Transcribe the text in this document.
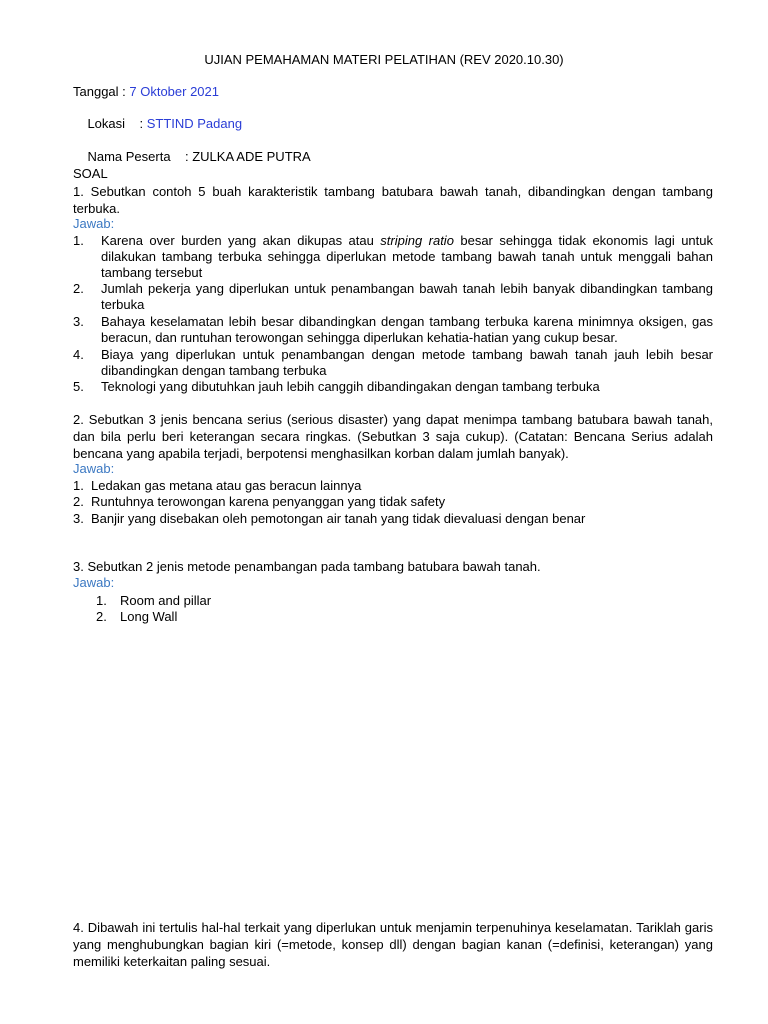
UJIAN PEMAHAMAN MATERI PELATIHAN (REV 2020.10.30)
Tanggal : 7 Oktober 2021

Lokasi    : STTIND Padang

Nama Peserta    : ZULKA ADE PUTRA

SOAL
1. Sebutkan contoh 5 buah karakteristik tambang batubara bawah tanah, dibandingkan dengan tambang terbuka.
Jawab:
1. Karena over burden yang akan dikupas atau striping ratio besar sehingga tidak ekonomis lagi untuk dilakukan tambang terbuka sehingga diperlukan metode tambang bawah tanah untuk menggali bahan tambang tersebut
2. Jumlah pekerja yang diperlukan untuk penambangan bawah tanah lebih banyak dibandingkan tambang terbuka
3. Bahaya keselamatan lebih besar dibandingkan dengan tambang terbuka karena minimnya oksigen, gas beracun, dan runtuhan terowongan sehingga diperlukan kehatia-hatian yang cukup besar.
4. Biaya yang diperlukan untuk penambangan dengan metode tambang bawah tanah jauh lebih besar dibandingkan dengan tambang terbuka
5. Teknologi yang dibutuhkan jauh lebih canggih dibandingakan dengan tambang terbuka
2. Sebutkan 3 jenis bencana serius (serious disaster) yang dapat menimpa tambang batubara bawah tanah, dan bila perlu beri keterangan secara ringkas. (Sebutkan 3 saja cukup). (Catatan: Bencana Serius adalah bencana yang apabila terjadi, berpotensi menghasilkan korban dalam jumlah banyak).
Jawab:
1. Ledakan gas metana atau gas beracun lainnya
2. Runtuhnya terowongan karena penyanggan yang tidak safety
3. Banjir yang disebakan oleh pemotongan air tanah yang tidak dievaluasi dengan benar
3. Sebutkan 2 jenis metode penambangan pada tambang batubara bawah tanah.
Jawab:
1. Room and pillar
2. Long Wall
4. Dibawah ini tertulis hal-hal terkait yang diperlukan untuk menjamin terpenuhinya keselamatan. Tariklah garis yang menghubungkan bagian kiri (=metode, konsep dll) dengan bagian kanan (=definisi, keterangan) yang memiliki keterkaitan paling sesuai.
